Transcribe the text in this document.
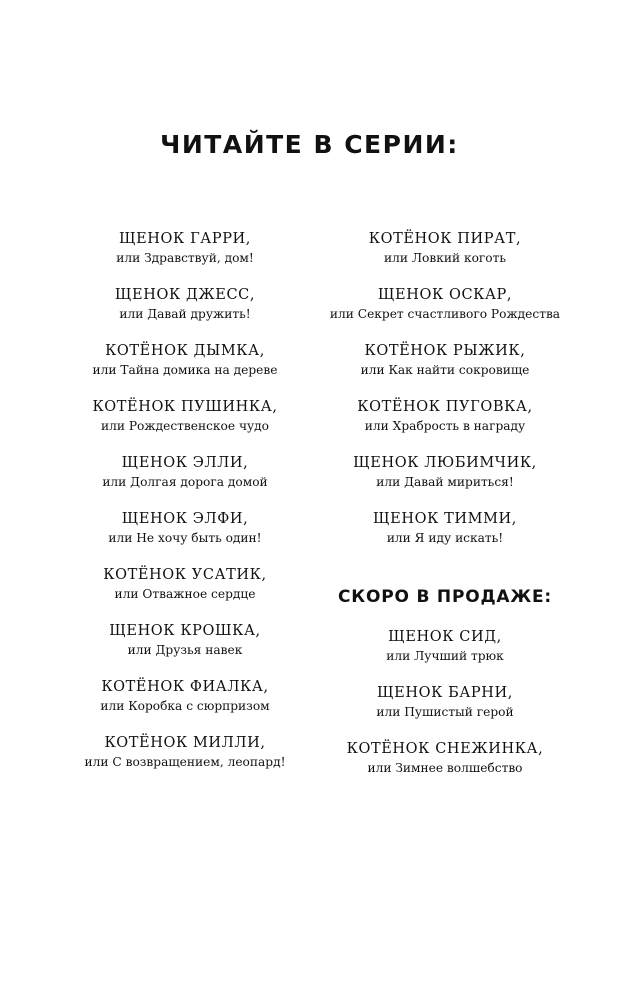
ЧИТАЙТЕ В СЕРИИ:
ЩЕНОК ГАРРИ,
или Здравствуй, дом!
ЩЕНОК ДЖЕСС,
или Давай дружить!
КОТЁНОК ДЫМКА,
или Тайна домика на дереве
КОТЁНОК ПУШИНКА,
или Рождественское чудо
ЩЕНОК ЭЛЛИ,
или Долгая дорога домой
ЩЕНОК ЭЛФИ,
или Не хочу быть один!
КОТЁНОК УСАТИК,
или Отважное сердце
ЩЕНОК КРОШКА,
или Друзья навек
КОТЁНОК ФИАЛКА,
или Коробка с сюрпризом
КОТЁНОК МИЛЛИ,
или С возвращением, леопард!
КОТЁНОК ПИРАТ,
или Ловкий коготь
ЩЕНОК ОСКАР,
или Секрет счастливого Рождества
КОТЁНОК РЫЖИК,
или Как найти сокровище
КОТЁНОК ПУГОВКА,
или Храбрость в награду
ЩЕНОК ЛЮБИМЧИК,
или Давай мириться!
ЩЕНОК ТИММИ,
или Я иду искать!
СКОРО В ПРОДАЖЕ:
ЩЕНОК СИД,
или Лучший трюк
ЩЕНОК БАРНИ,
или Пушистый герой
КОТЁНОК СНЕЖИНКА,
или Зимнее волшебство
